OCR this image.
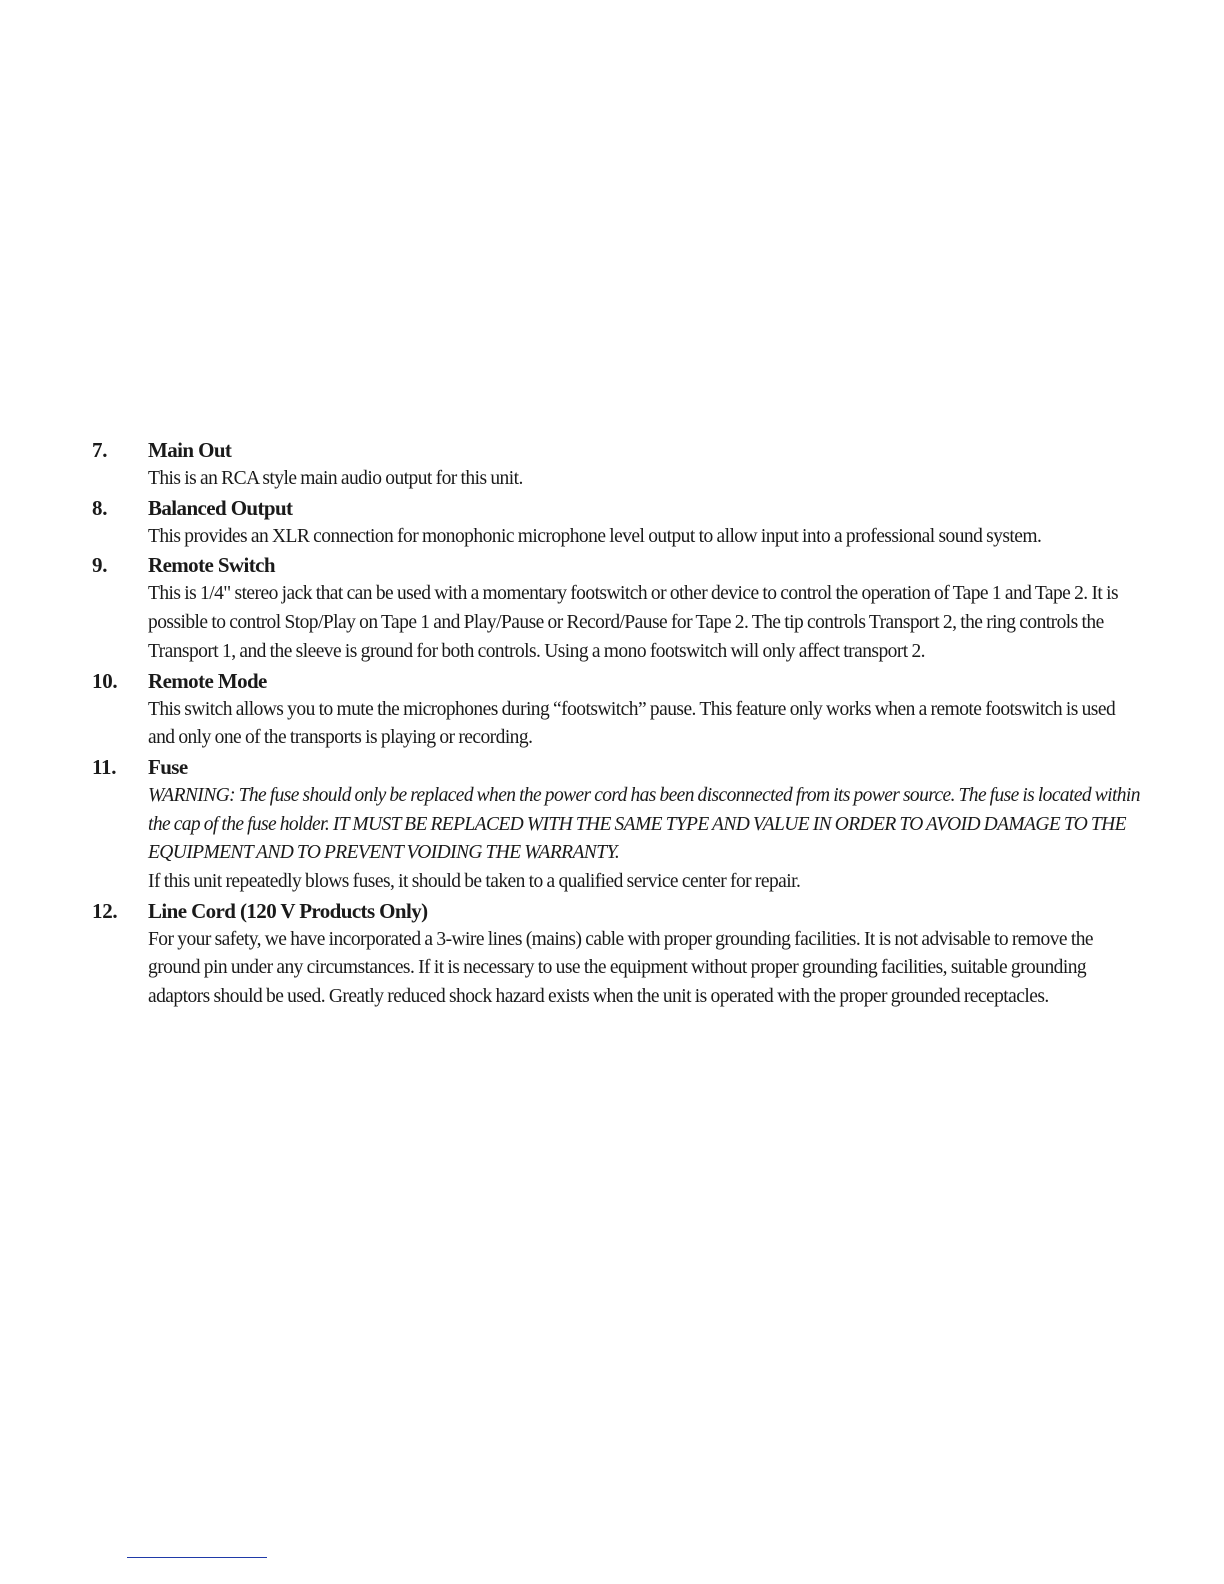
7. Main Out
This is an RCA style main audio output for this unit.
8. Balanced Output
This provides an XLR connection for monophonic microphone level output to allow input into a professional sound system.
9. Remote Switch
This is 1/4" stereo jack that can be used with a momentary footswitch or other device to control the operation of Tape 1 and Tape 2. It is possible to control Stop/Play on Tape 1 and Play/Pause or Record/Pause for Tape 2. The tip controls Transport 2, the ring controls the Transport 1, and the sleeve is ground for both controls. Using a mono footswitch will only affect transport 2.
10. Remote Mode
This switch allows you to mute the microphones during “footswitch” pause. This feature only works when a remote footswitch is used and only one of the transports is playing or recording.
11. Fuse
WARNING: The fuse should only be replaced when the power cord has been disconnected from its power source. The fuse is located within the cap of the fuse holder. IT MUST BE REPLACED WITH THE SAME TYPE AND VALUE IN ORDER TO AVOID DAMAGE TO THE EQUIPMENT AND TO PREVENT VOIDING THE WARRANTY.
If this unit repeatedly blows fuses, it should be taken to a qualified service center for repair.
12. Line Cord (120 V Products Only)
For your safety, we have incorporated a 3-wire lines (mains) cable with proper grounding facilities. It is not advisable to remove the ground pin under any circumstances. If it is necessary to use the equipment without proper grounding facilities, suitable grounding adaptors should be used. Greatly reduced shock hazard exists when the unit is operated with the proper grounded receptacles.
